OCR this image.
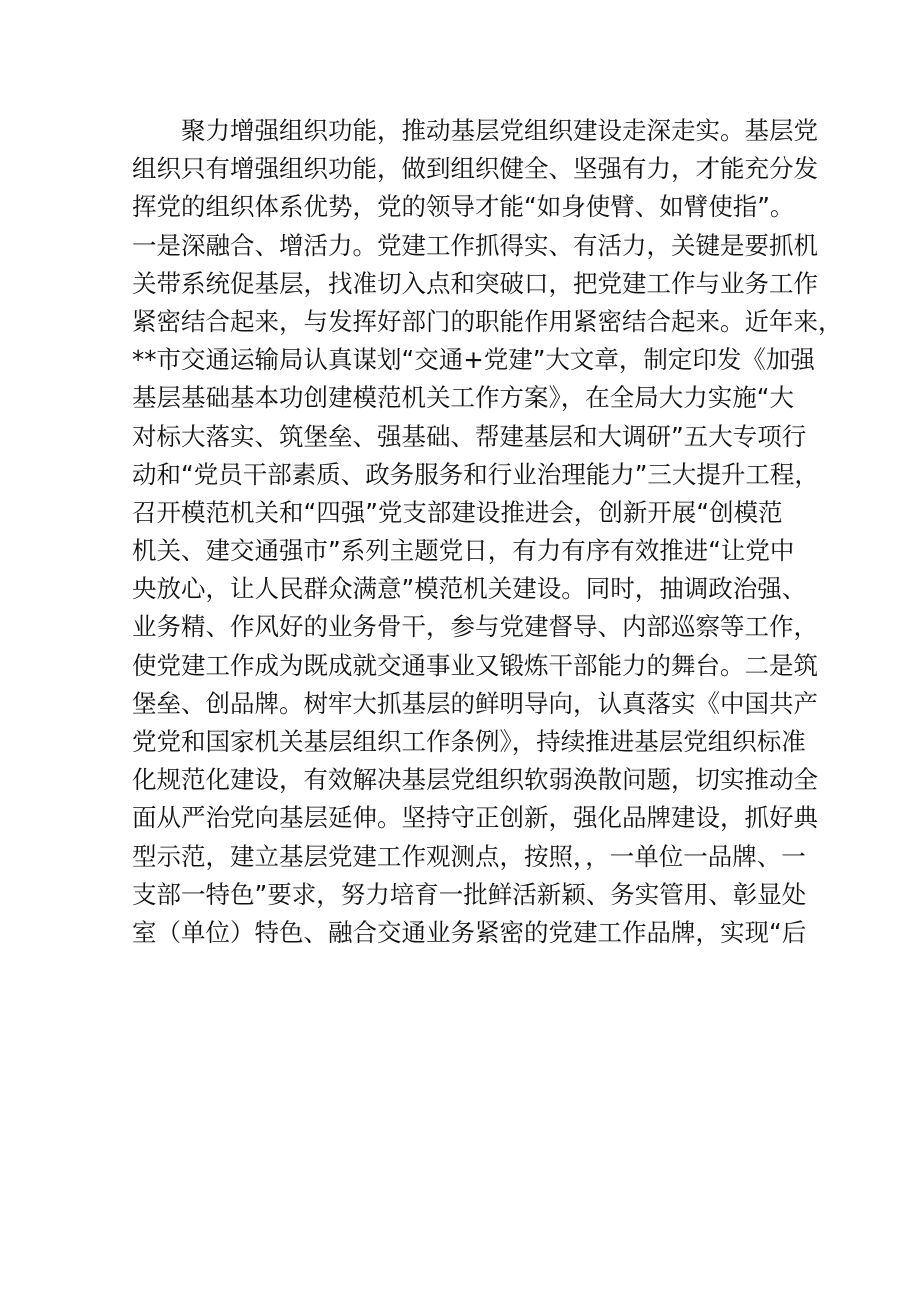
　　聚力增强组织功能，推动基层党组织建设走深走实。基层党
组织只有增强组织功能，做到组织健全、坚强有力，才能充分发
挥党的组织体系优势，党的领导才能“如身使臂、如臂使指”。
一是深融合、增活力。党建工作抓得实、有活力，关键是要抓机
关带系统促基层，找准切入点和突破口，把党建工作与业务工作
紧密结合起来，与发挥好部门的职能作用紧密结合起来。近年来，
**市交通运输局认真谋划“交通+党建”大文章，制定印发《加强
基层基础基本功创建模范机关工作方案》，在全局大力实施“大
对标大落实、筑堡垒、强基础、帮建基层和大调研”五大专项行
动和“党员干部素质、政务服务和行业治理能力”三大提升工程，
召开模范机关和“四强”党支部建设推进会，创新开展“创模范
机关、建交通强市”系列主题党日，有力有序有效推进“让党中
央放心，让人民群众满意”模范机关建设。同时，抽调政治强、
业务精、作风好的业务骨干，参与党建督导、内部巡察等工作，
使党建工作成为既成就交通事业又锻炼干部能力的舞台。二是筑
堡垒、创品牌。树牢大抓基层的鲜明导向，认真落实《中国共产
党党和国家机关基层组织工作条例》，持续推进基层党组织标准
化规范化建设，有效解决基层党组织软弱涣散问题，切实推动全
面从严治党向基层延伸。坚持守正创新，强化品牌建设，抓好典
型示范，建立基层党建工作观测点，按照，，一单位一品牌、一
支部一特色”要求，努力培育一批鲜活新颖、务实管用、彰显处
室（单位）特色、融合交通业务紧密的党建工作品牌，实现“后
